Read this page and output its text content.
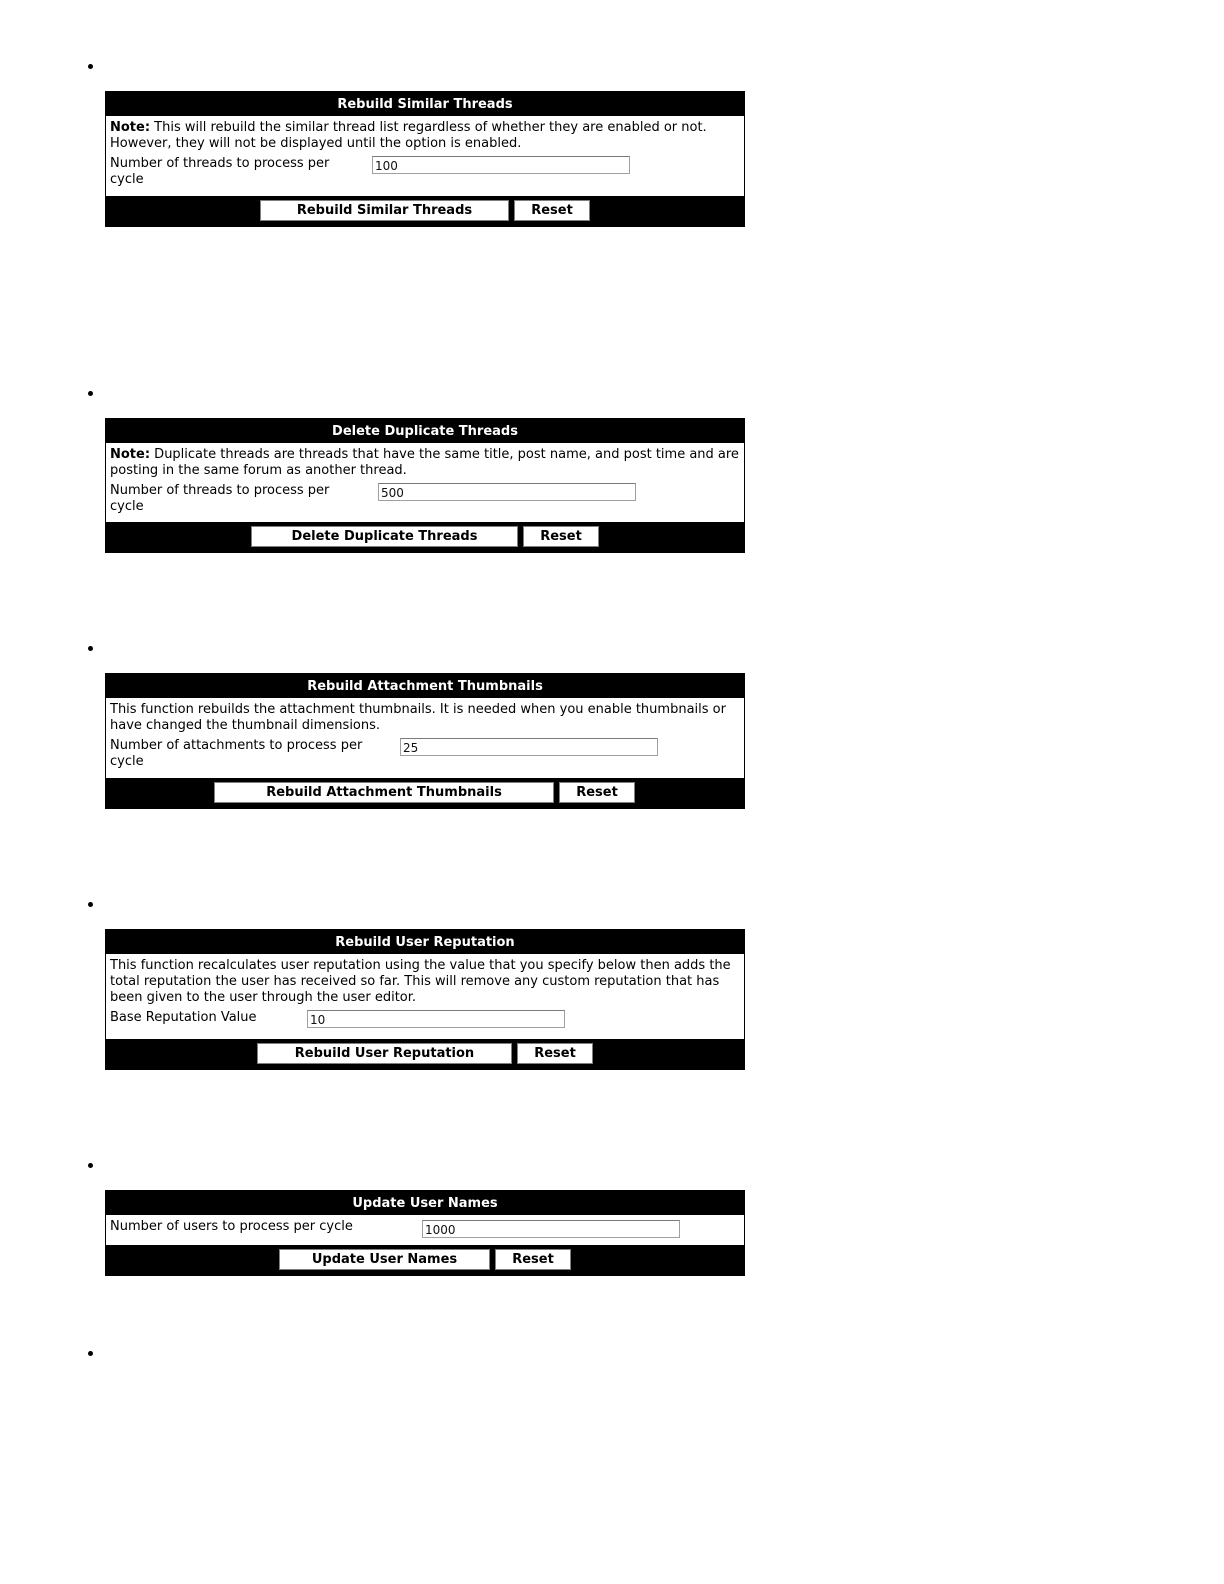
Rebuild Similar Threads
Note: This will rebuild the similar thread list regardless of whether they are enabled or not. However, they will not be displayed until the option is enabled.
Number of threads to process per cycle
100
Rebuild Similar Threads	Reset
Delete Duplicate Threads
Note: Duplicate threads are threads that have the same title, post name, and post time and are posting in the same forum as another thread.
Number of threads to process per cycle
500
Delete Duplicate Threads	Reset
Rebuild Attachment Thumbnails
This function rebuilds the attachment thumbnails. It is needed when you enable thumbnails or have changed the thumbnail dimensions.
Number of attachments to process per cycle
25
Rebuild Attachment Thumbnails	Reset
Rebuild User Reputation
This function recalculates user reputation using the value that you specify below then adds the total reputation the user has received so far. This will remove any custom reputation that has been given to the user through the user editor.
Base Reputation Value
10
Rebuild User Reputation	Reset
Update User Names
Number of users to process per cycle
1000
Update User Names	Reset
